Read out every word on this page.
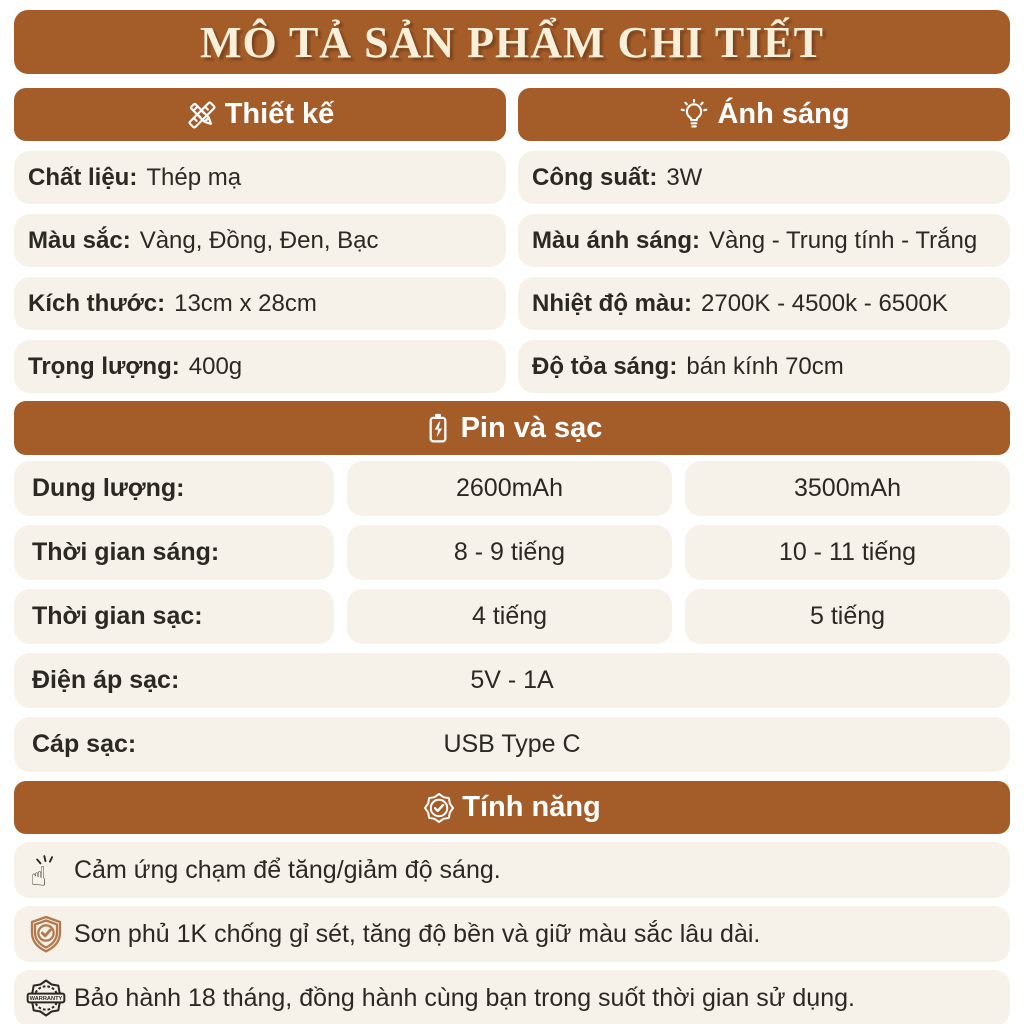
MÔ TẢ SẢN PHẨM CHI TIẾT
Thiết kế
Chất liệu: Thép mạ
Màu sắc: Vàng, Đồng, Đen, Bạc
Kích thước: 13cm x 28cm
Trọng lượng: 400g
Ánh sáng
Công suất: 3W
Màu ánh sáng: Vàng - Trung tính - Trắng
Nhiệt độ màu: 2700K - 4500k - 6500K
Độ tỏa sáng: bán kính 70cm
Pin và sạc
Dung lượng:	2600mAh	3500mAh
Thời gian sáng:	8 - 9 tiếng	10 - 11 tiếng
Thời gian sạc:	4 tiếng	5 tiếng
Điện áp sạc:	5V - 1A
Cáp sạc:	USB Type C
Tính năng
☝ Cảm ứng chạm để tăng/giảm độ sáng.
Sơn phủ 1K chống gỉ sét, tăng độ bền và giữ màu sắc lâu dài.
WARRANTY Bảo hành 18 tháng, đồng hành cùng bạn trong suốt thời gian sử dụng.
